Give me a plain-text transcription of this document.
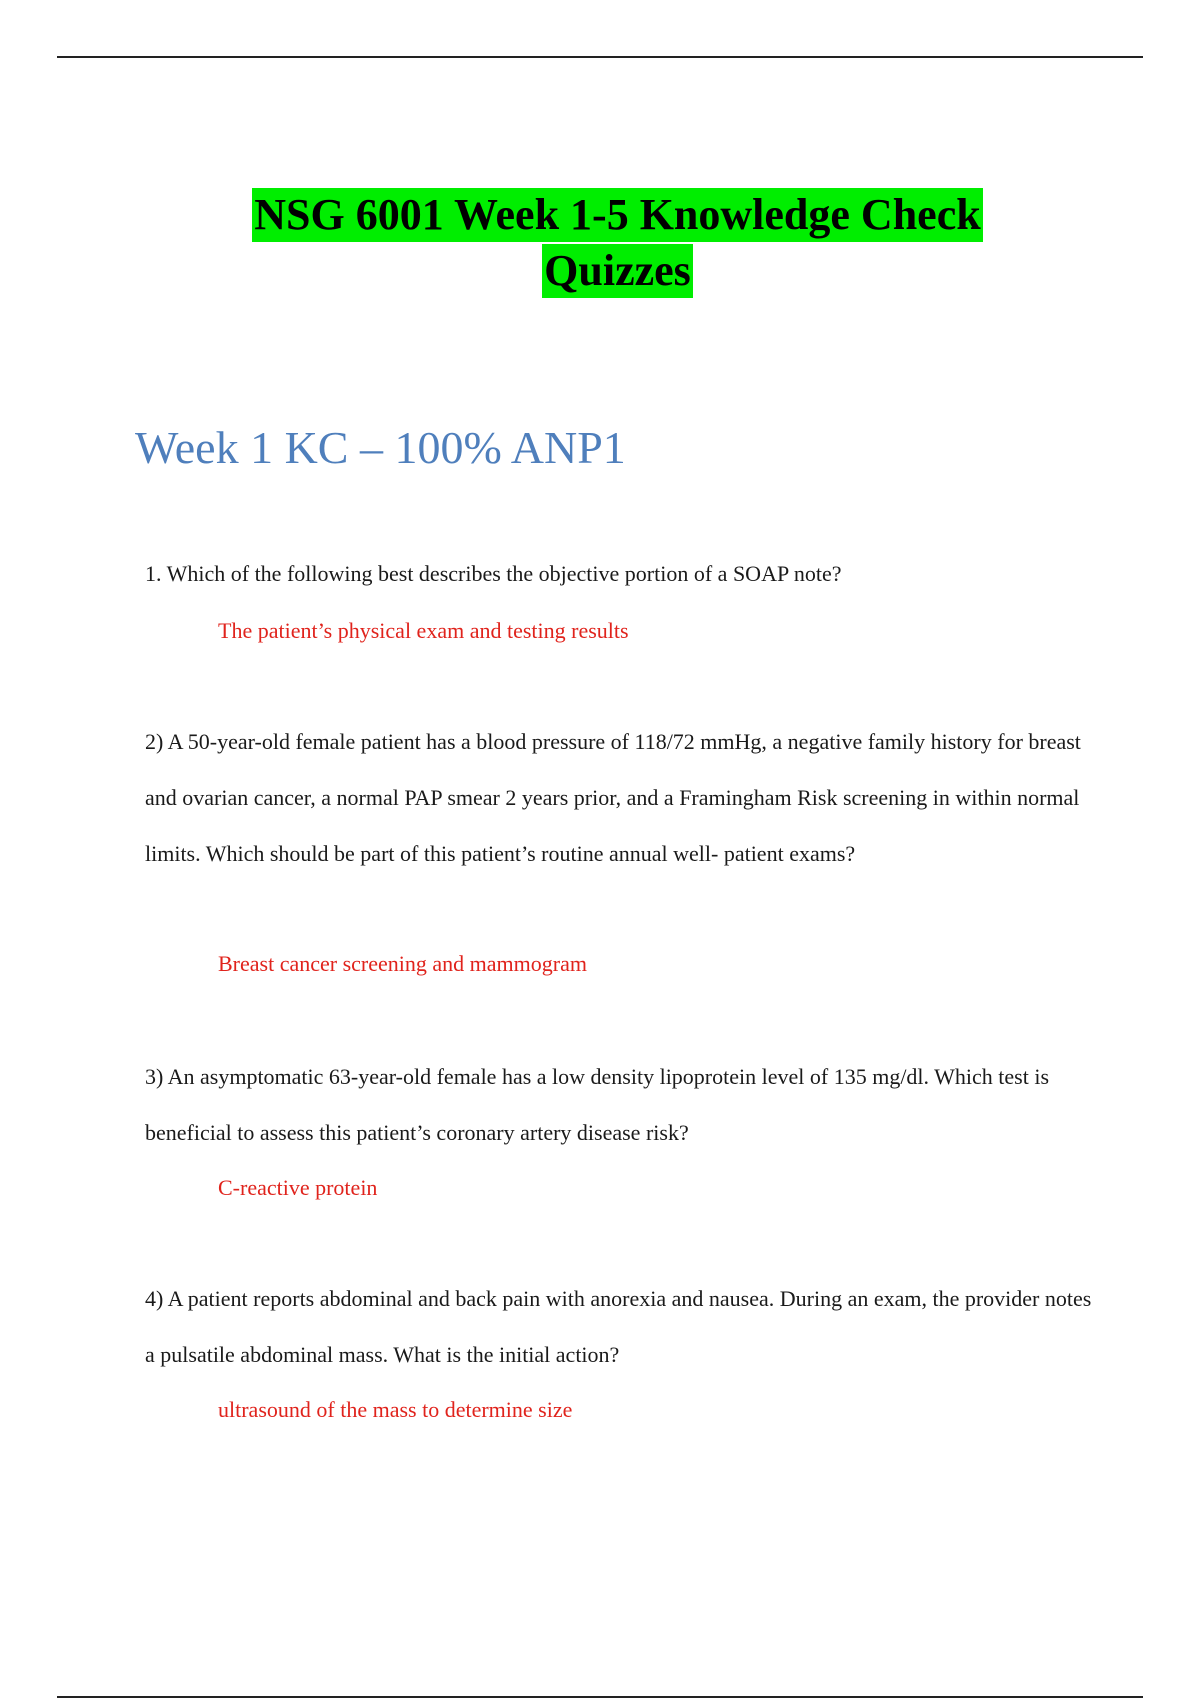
NSG 6001 Week 1-5 Knowledge Check
Quizzes
Week 1 KC – 100% ANP1

1. Which of the following best describes the objective portion of a SOAP note?

The patient’s physical exam and testing results

2) A 50-year-old female patient has a blood pressure of 118/72 mmHg, a negative family history for breast and ovarian cancer, a normal PAP smear 2 years prior, and a Framingham Risk screening in within normal limits. Which should be part of this patient’s routine annual well- patient exams?

Breast cancer screening and mammogram

3) An asymptomatic 63-year-old female has a low density lipoprotein level of 135 mg/dl. Which test is beneficial to assess this patient’s coronary artery disease risk?

C-reactive protein

4) A patient reports abdominal and back pain with anorexia and nausea. During an exam, the provider notes a pulsatile abdominal mass. What is the initial action?

ultrasound of the mass to determine size
